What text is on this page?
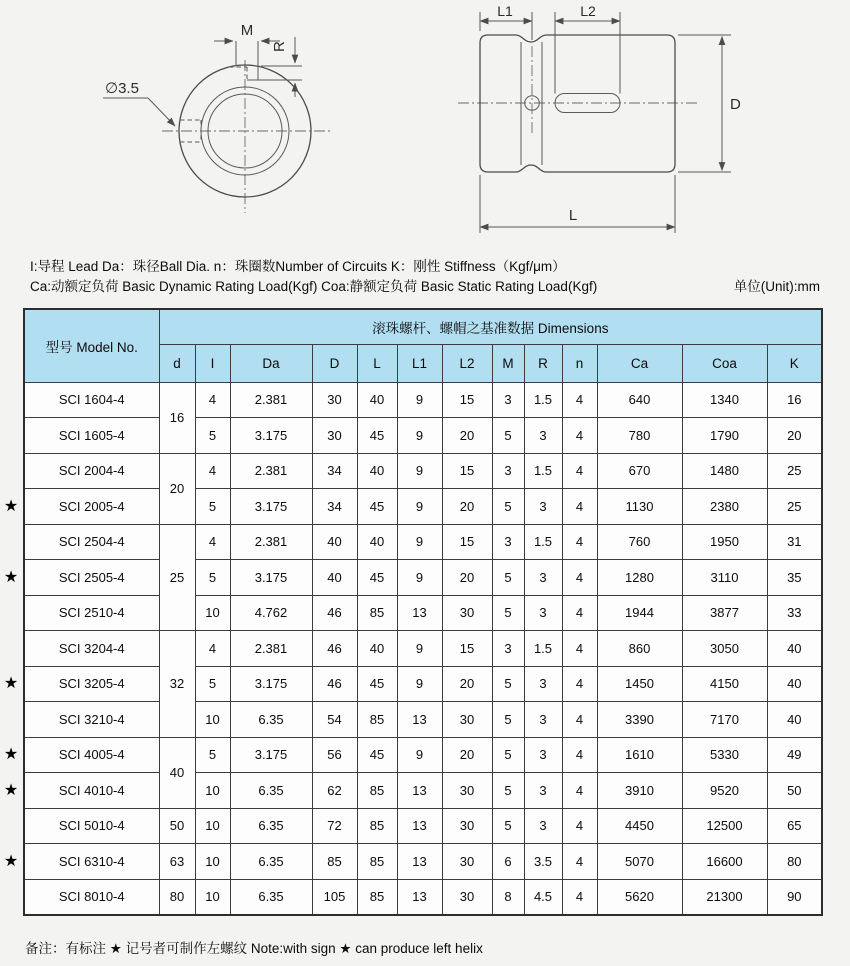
M
R
∅3.5
L1	L2
D
L
I:导程 Lead Da：珠径Ball Dia. n：珠圈数Number of Circuits K：刚性 Stiffness（Kgf/μm）
Ca:动额定负荷 Basic Dynamic Rating Load(Kgf) Coa:静额定负荷 Basic Static Rating Load(Kgf)	单位(Unit):mm
型号 Model No.	滚珠螺杆、螺帽之基准数据 Dimensions												
	d	I	Da	D	L	L1	L2	M	R	n	Ca	Coa	K
SCI 1604-4	16	4	2.381	30	40	9	15	3	1.5	4	640	1340	16
SCI 1605-4		5	3.175	30	45	9	20	5	3	4	780	1790	20
SCI 2004-4	20	4	2.381	34	40	9	15	3	1.5	4	670	1480	25
SCI 2005-4		5	3.175	34	45	9	20	5	3	4	1130	2380	25
SCI 2504-4	25	4	2.381	40	40	9	15	3	1.5	4	760	1950	31
SCI 2505-4		5	3.175	40	45	9	20	5	3	4	1280	3110	35
SCI 2510-4		10	4.762	46	85	13	30	5	3	4	1944	3877	33
SCI 3204-4	32	4	2.381	46	40	9	15	3	1.5	4	860	3050	40
SCI 3205-4		5	3.175	46	45	9	20	5	3	4	1450	4150	40
SCI 3210-4		10	6.35	54	85	13	30	5	3	4	3390	7170	40
SCI 4005-4	40	5	3.175	56	45	9	20	5	3	4	1610	5330	49
SCI 4010-4		10	6.35	62	85	13	30	5	3	4	3910	9520	50
SCI 5010-4	50	10	6.35	72	85	13	30	5	3	4	4450	12500	65
SCI 6310-4	63	10	6.35	85	85	13	30	6	3.5	4	5070	16600	80
SCI 8010-4	80	10	6.35	105	85	13	30	8	4.5	4	5620	21300	90
★
★
★
★
★
★
备注：有标注 ★ 记号者可制作左螺纹 Note:with sign ★ can produce left helix
